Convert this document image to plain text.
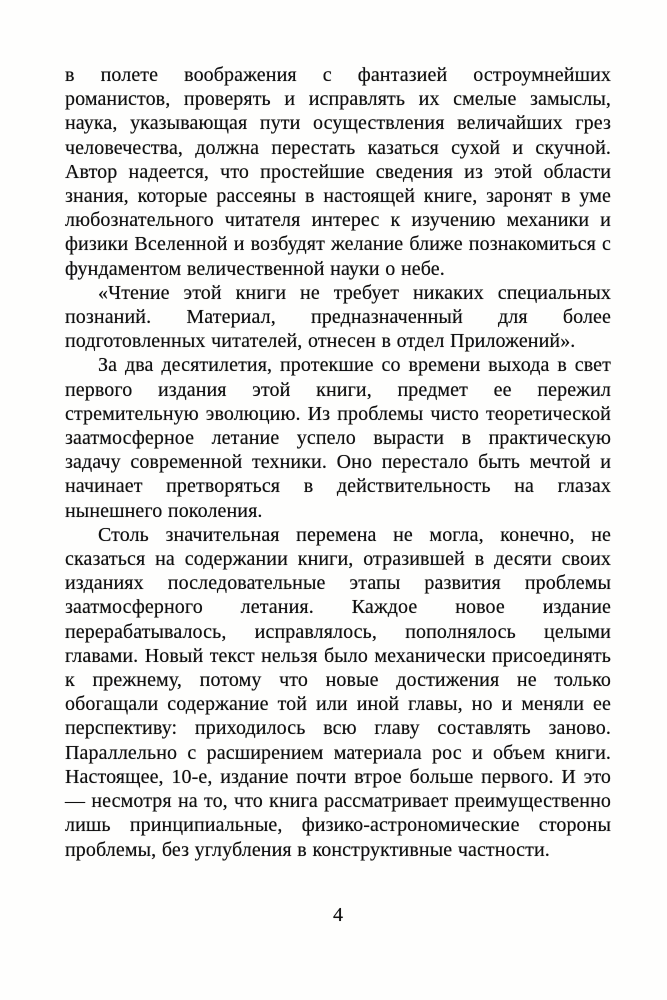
в полете воображения с фантазией остроумнейших романистов, проверять и исправлять их смелые замыслы, наука, указывающая пути осуществления величайших грез человечества, должна перестать казаться сухой и скучной. Автор надеется, что простейшие сведения из этой области знания, которые рассеяны в настоящей книге, заронят в уме любознательного читателя интерес к изучению механики и физики Вселенной и возбудят желание ближе познакомиться с фундаментом величественной науки о небе.

«Чтение этой книги не требует никаких специальных познаний. Материал, предназначенный для более подготовленных читателей, отнесен в отдел Приложений».

За два десятилетия, протекшие со времени выхода в свет первого издания этой книги, предмет ее пережил стремительную эволюцию. Из проблемы чисто теоретической заатмосферное летание успело вырасти в практическую задачу современной техники. Оно перестало быть мечтой и начинает претворяться в действительность на глазах нынешнего поколения.

Столь значительная перемена не могла, конечно, не сказаться на содержании книги, отразившей в десяти своих изданиях последовательные этапы развития проблемы заатмосферного летания. Каждое новое издание перерабатывалось, исправлялось, пополнялось целыми главами. Новый текст нельзя было механически присоединять к прежнему, потому что новые достижения не только обогащали содержание той или иной главы, но и меняли ее перспективу: приходилось всю главу составлять заново. Параллельно с расширением материала рос и объем книги. Настоящее, 10-е, издание почти втрое больше первого. И это — несмотря на то, что книга рассматривает преимущественно лишь принципиальные, физико-астрономические стороны проблемы, без углубления в конструктивные частности.

4
